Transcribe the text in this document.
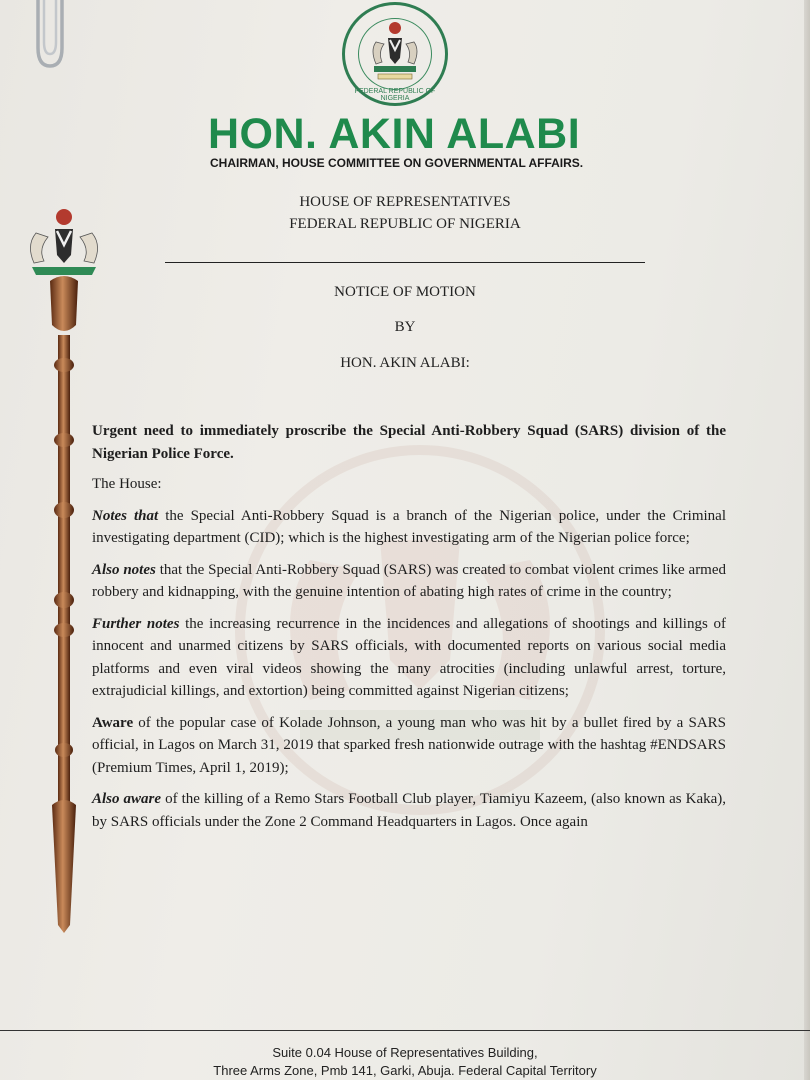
FEDERAL REPUBLIC OF NIGERIA
HON. AKIN ALABI
CHAIRMAN, HOUSE COMMITTEE ON GOVERNMENTAL AFFAIRS.
HOUSE OF REPRESENTATIVES
FEDERAL REPUBLIC OF NIGERIA
NOTICE OF MOTION
BY
HON. AKIN ALABI:

Urgent need to immediately proscribe the Special Anti-Robbery Squad (SARS) division of the Nigerian Police Force.

The House:

Notes that the Special Anti-Robbery Squad is a branch of the Nigerian police, under the Criminal investigating department (CID); which is the highest investigating arm of the Nigerian police force;

Also notes that the Special Anti-Robbery Squad (SARS) was created to combat violent crimes like armed robbery and kidnapping, with the genuine intention of abating high rates of crime in the country;

Further notes the increasing recurrence in the incidences and allegations of shootings and killings of innocent and unarmed citizens by SARS officials, with documented reports on various social media platforms and even viral videos showing the many atrocities (including unlawful arrest, torture, extrajudicial killings, and extortion) being committed against Nigerian citizens;

Aware of the popular case of Kolade Johnson, a young man who was hit by a bullet fired by a SARS official, in Lagos on March 31, 2019 that sparked fresh nationwide outrage with the hashtag #ENDSARS (Premium Times, April 1, 2019);

Also aware of the killing of a Remo Stars Football Club player, Tiamiyu Kazeem, (also known as Kaka), by SARS officials under the Zone 2 Command Headquarters in Lagos. Once again

Suite 0.04 House of Representatives Building,
Three Arms Zone, Pmb 141, Garki, Abuja. Federal Capital Territory
